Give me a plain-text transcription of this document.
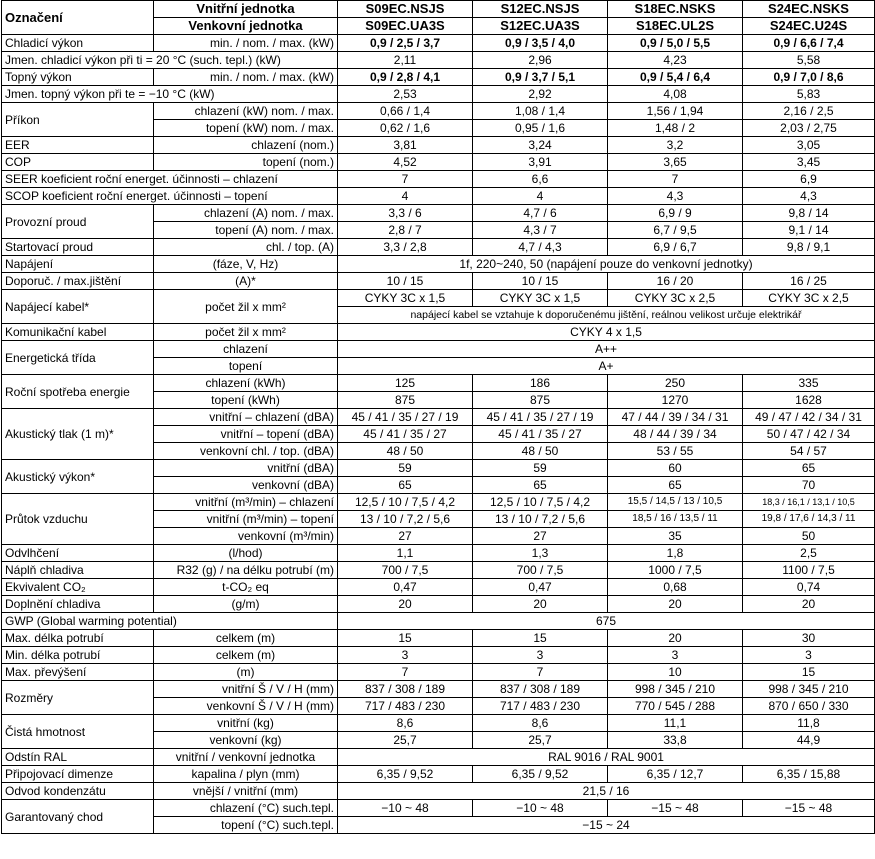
Označení	Vnitřní jednotka	S09EC.NSJS	S12EC.NSJS	S18EC.NSKS	S24EC.NSKS
	Venkovní jednotka	S09EC.UA3S	S12EC.UA3S	S18EC.UL2S	S24EC.U24S
Chladicí výkon	min. / nom. / max. (kW)	0,9 / 2,5 / 3,7	0,9 / 3,5 / 4,0	0,9 / 5,0 / 5,5	0,9 / 6,6 / 7,4
Jmen. chladicí výkon při ti = 20 °C (such. tepl.) (kW)		2,11	2,96	4,23	5,58
Topný výkon	min. / nom. / max. (kW)	0,9 / 2,8 / 4,1	0,9 / 3,7 / 5,1	0,9 / 5,4 / 6,4	0,9 / 7,0 / 8,6
Jmen. topný výkon při te = −10 °C (kW)		2,53	2,92	4,08	5,83
Příkon	chlazení (kW) nom. / max.	0,66 / 1,4	1,08 / 1,4	1,56 / 1,94	2,16 / 2,5
	topení (kW) nom. / max.	0,62 / 1,6	0,95 / 1,6	1,48 / 2	2,03 / 2,75
EER	chlazení (nom.)	3,81	3,24	3,2	3,05
COP	topení (nom.)	4,52	3,91	3,65	3,45
SEER koeficient roční energet. účinnosti – chlazení		7	6,6	7	6,9
SCOP koeficient roční energet. účinnosti – topení		4	4	4,3	4,3
Provozní proud	chlazení (A) nom. / max.	3,3 / 6	4,7 / 6	6,9 / 9	9,8 / 14
	topení (A) nom. / max.	2,8 / 7	4,3 / 7	6,7 / 9,5	9,1 / 14
Startovací proud	chl. / top. (A)	3,3 / 2,8	4,7 / 4,3	6,9 / 6,7	9,8 / 9,1
Napájení	(fáze, V, Hz)	1f, 220~240, 50 (napájení pouze do venkovní jednotky)			
Doporuč. / max.jištění	(A)*	10 / 15	10 / 15	16 / 20	16 / 25
Napájecí kabel*	počet žil x mm²	CYKY 3C x 1,5	CYKY 3C x 1,5	CYKY 3C x 2,5	CYKY 3C x 2,5
		napájecí kabel se vztahuje k doporučenému jištění, reálnou velikost určuje elektrikář			
Komunikační kabel	počet žil x mm²	CYKY 4 x 1,5			
Energetická třída	chlazení	A++			
	topení	A+			
Roční spotřeba energie	chlazení (kWh)	125	186	250	335
	topení (kWh)	875	875	1270	1628
Akustický tlak (1 m)*	vnitřní – chlazení (dBA)	45 / 41 / 35 / 27 / 19	45 / 41 / 35 / 27 / 19	47 / 44 / 39 / 34 / 31	49 / 47 / 42 / 34 / 31
	vnitřní – topení (dBA)	45 / 41 / 35 / 27	45 / 41 / 35 / 27	48 / 44 / 39 / 34	50 / 47 / 42 / 34
	venkovní chl. / top. (dBA)	48 / 50	48 / 50	53 / 55	54 / 57
Akustický výkon*	vnitřní (dBA)	59	59	60	65
	venkovní (dBA)	65	65	65	70
Průtok vzduchu	vnitřní (m³/min) – chlazení	12,5 / 10 / 7,5 / 4,2	12,5 / 10 / 7,5 / 4,2	15,5 / 14,5 / 13 / 10,5	18,3 / 16,1 / 13,1 / 10,5
	vnitřní (m³/min) – topení	13 / 10 / 7,2 / 5,6	13 / 10 / 7,2 / 5,6	18,5 / 16 / 13,5 / 11	19,8 / 17,6 / 14,3 / 11
	venkovní (m³/min)	27	27	35	50
Odvlhčení	(l/hod)	1,1	1,3	1,8	2,5
Náplň chladiva	R32 (g) / na délku potrubí (m)	700 / 7,5	700 / 7,5	1000 / 7,5	1100 / 7,5
Ekvivalent CO₂	t-CO₂ eq	0,47	0,47	0,68	0,74
Doplnění chladiva	(g/m)	20	20	20	20
GWP (Global warming potential)		675			
Max. délka potrubí	celkem (m)	15	15	20	30
Min. délka potrubí	celkem (m)	3	3	3	3
Max. převýšení	(m)	7	7	10	15
Rozměry	vnitřní Š / V / H (mm)	837 / 308 / 189	837 / 308 / 189	998 / 345 / 210	998 / 345 / 210
	venkovní Š / V / H (mm)	717 / 483 / 230	717 / 483 / 230	770 / 545 / 288	870 / 650 / 330
Čistá hmotnost	vnitřní (kg)	8,6	8,6	11,1	11,8
	venkovní (kg)	25,7	25,7	33,8	44,9
Odstín RAL	vnitřní / venkovní jednotka	RAL 9016 / RAL 9001			
Připojovací dimenze	kapalina / plyn (mm)	6,35 / 9,52	6,35 / 9,52	6,35 / 12,7	6,35 / 15,88
Odvod kondenzátu	vnější / vnitřní (mm)	21,5 / 16			
Garantovaný chod	chlazení (°C) such.tepl.	−10 ~ 48	−10 ~ 48	−15 ~ 48	−15 ~ 48
	topení (°C) such.tepl.	−15 ~ 24			
